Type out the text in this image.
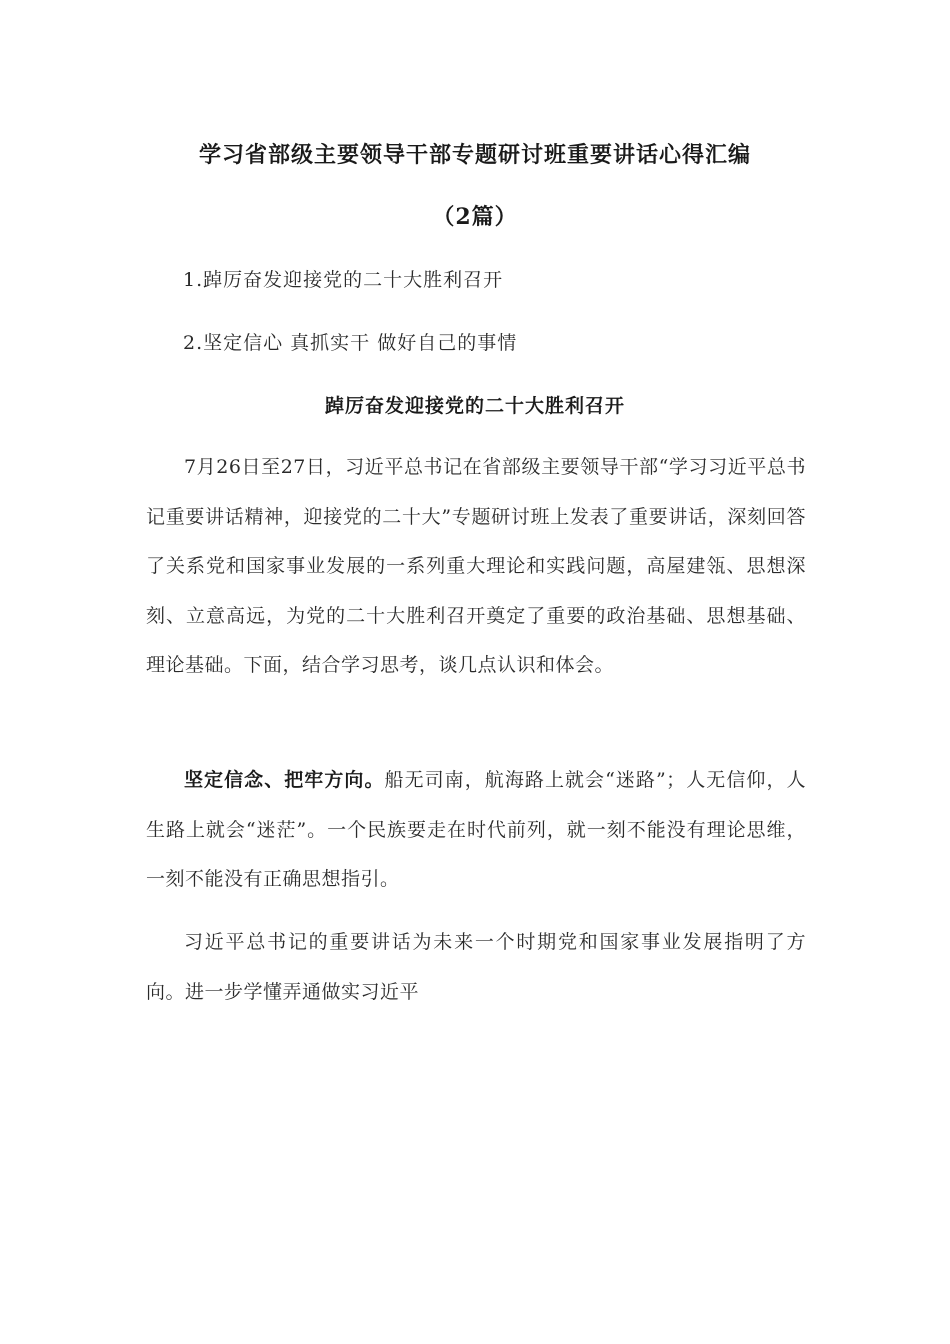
学习省部级主要领导干部专题研讨班重要讲话心得汇编
（2篇）
1.踔厉奋发迎接党的二十大胜利召开
2.坚定信心 真抓实干 做好自己的事情
踔厉奋发迎接党的二十大胜利召开
7月26日至27日，习近平总书记在省部级主要领导干部“学习习近平总书记重要讲话精神，迎接党的二十大”专题研讨班上发表了重要讲话，深刻回答了关系党和国家事业发展的一系列重大理论和实践问题，高屋建瓴、思想深刻、立意高远，为党的二十大胜利召开奠定了重要的政治基础、思想基础、理论基础。下面，结合学习思考，谈几点认识和体会。
坚定信念、把牢方向。船无司南，航海路上就会“迷路”；人无信仰，人生路上就会“迷茫”。一个民族要走在时代前列，就一刻不能没有理论思维，一刻不能没有正确思想指引。
习近平总书记的重要讲话为未来一个时期党和国家事业发展指明了方向。进一步学懂弄通做实习近平
